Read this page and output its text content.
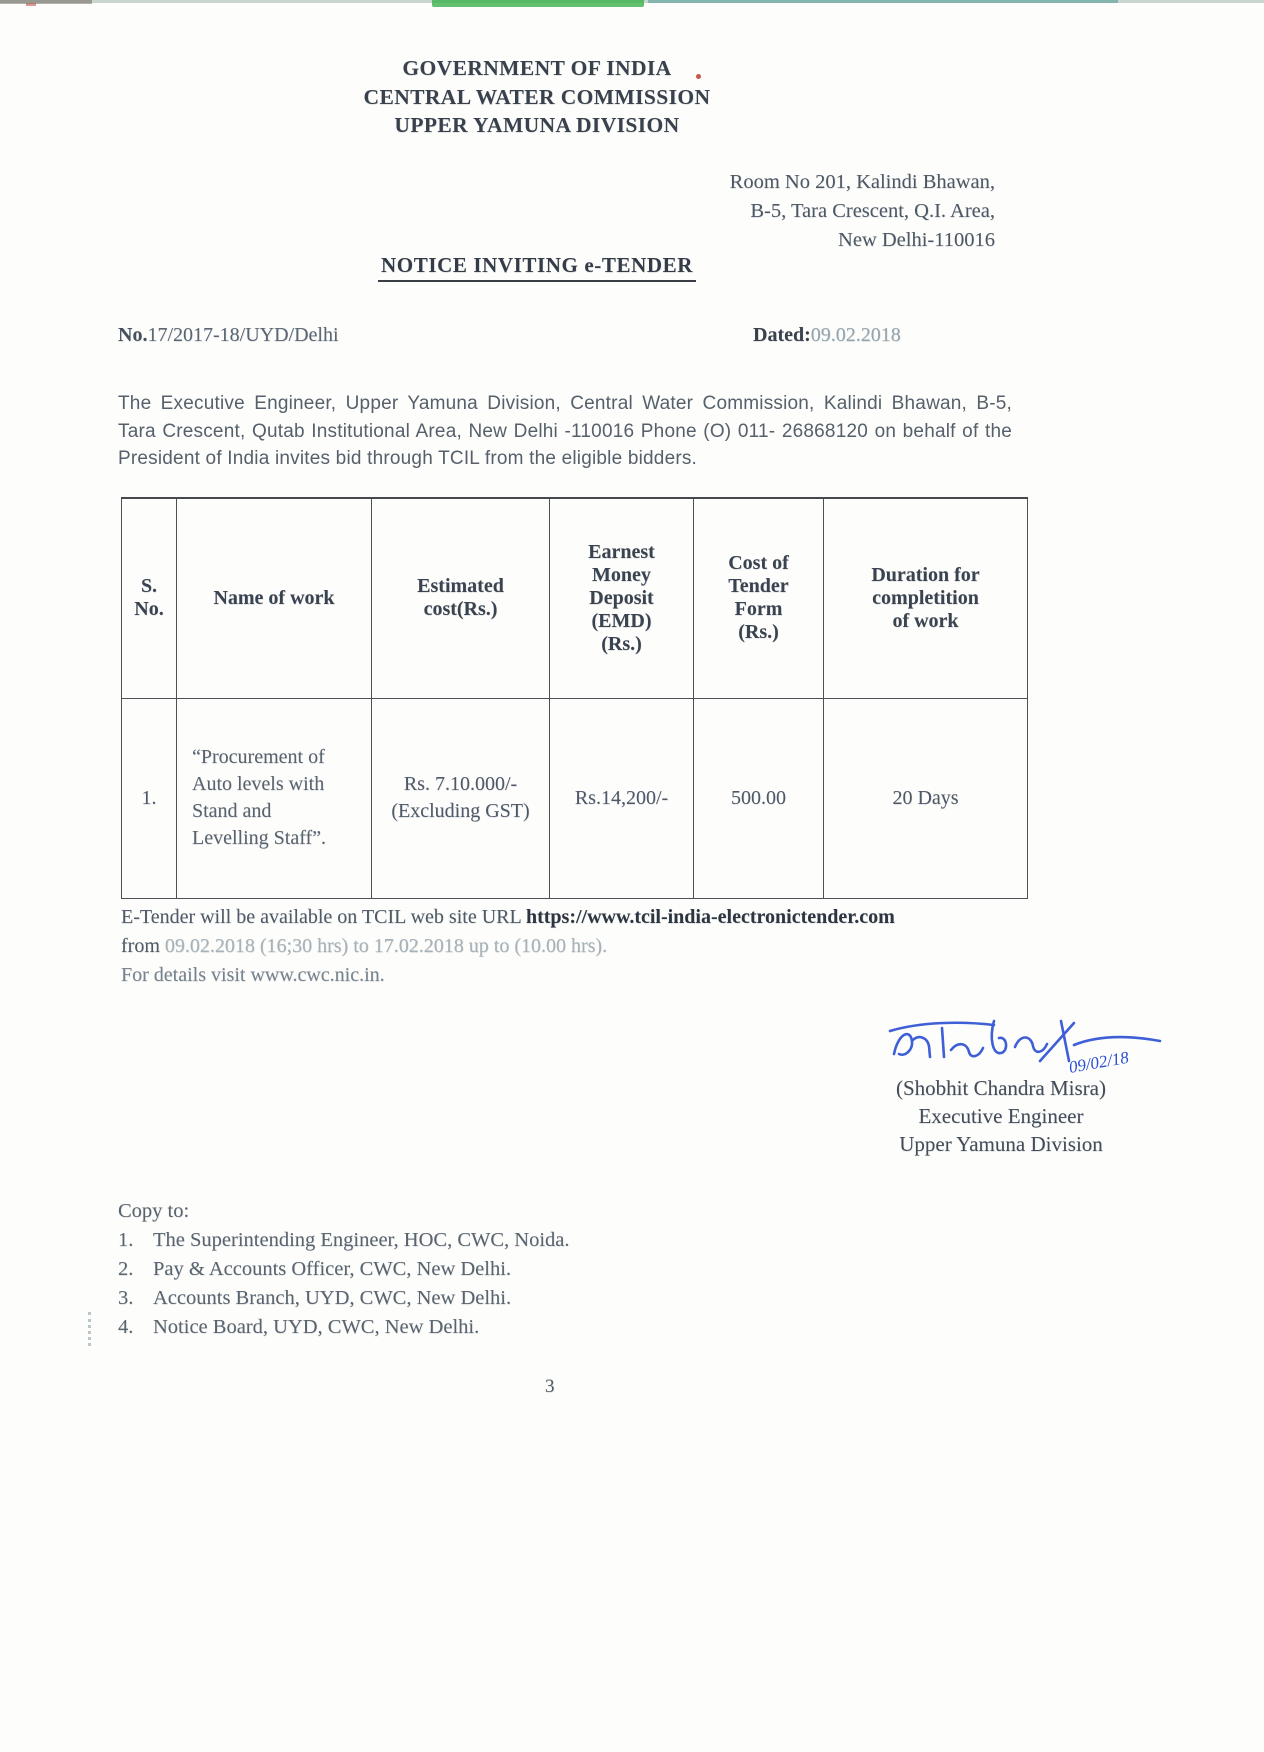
GOVERNMENT OF INDIA
CENTRAL WATER COMMISSION
UPPER YAMUNA DIVISION
Room No 201, Kalindi Bhawan,
B-5, Tara Crescent, Q.I. Area,
New Delhi-110016
NOTICE INVITING e-TENDER
No.17/2017-18/UYD/Delhi	Dated:09.02.2018
The Executive Engineer, Upper Yamuna Division, Central Water Commission, Kalindi Bhawan, B-5, Tara Crescent, Qutab Institutional Area, New Delhi -110016 Phone (O) 011- 26868120 on behalf of the President of India invites bid through TCIL from the eligible bidders.
S. No.	Name of work	Estimated cost(Rs.)	Earnest Money Deposit (EMD) (Rs.)	Cost of Tender Form (Rs.)	Duration for completition of work
1.	“Procurement of Auto levels with Stand and Levelling Staff”.	Rs. 7.10.000/- (Excluding GST)	Rs.14,200/-	500.00	20 Days
E-Tender will be available on TCIL web site URL https://www.tcil-india-electronictender.com
from 09.02.2018 (16;30 hrs) to 17.02.2018 up to (10.00 hrs).
For details visit www.cwc.nic.in.
09/02/18
(Shobhit Chandra Misra)
Executive Engineer
Upper Yamuna Division
Copy to:
1. The Superintending Engineer, HOC, CWC, Noida.
2. Pay & Accounts Officer, CWC, New Delhi.
3. Accounts Branch, UYD, CWC, New Delhi.
4. Notice Board, UYD, CWC, New Delhi.
3
